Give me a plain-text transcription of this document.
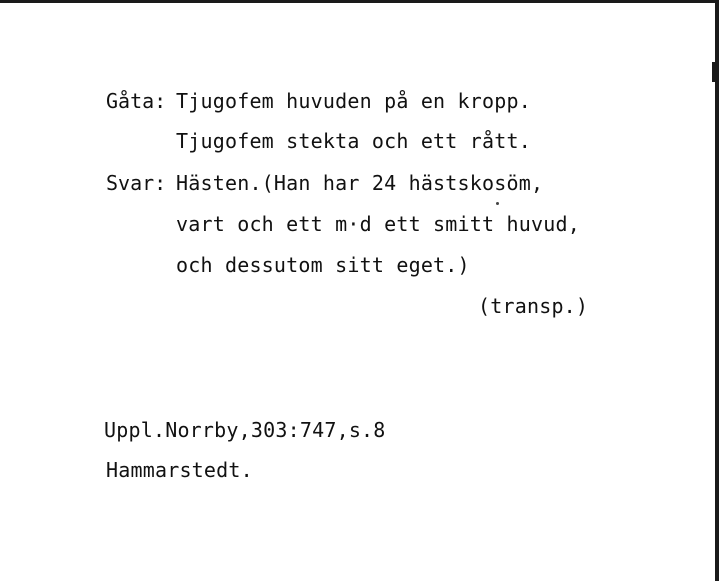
Gåta: Tjugofem huvuden på en kropp.
Tjugofem stekta och ett rått.
Svar: Hästen.(Han har 24 hästskosöm,
vart och ett m·d ett smitt huvud,
och dessutom sitt eget.)
(transp.)
Uppl.Norrby,303:747,s.8
Hammarstedt.
